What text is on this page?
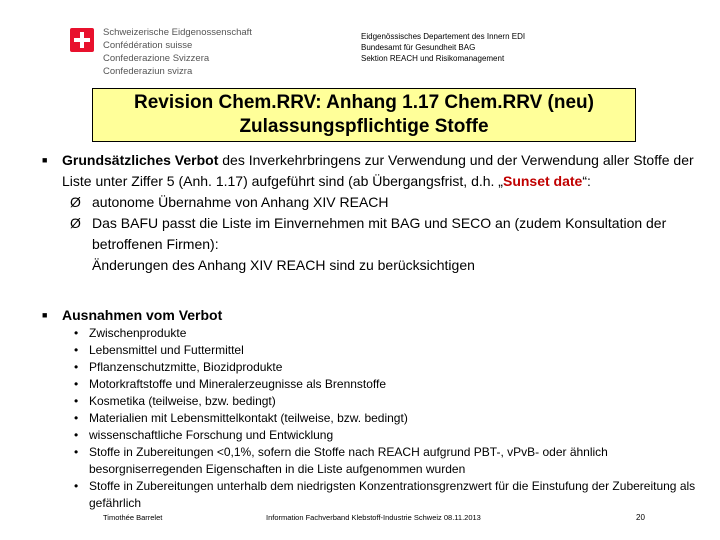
Schweizerische Eidgenossenschaft
Confédération suisse
Confederazione Svizzera
Confederaziun svizra
Eidgenössisches Departement des Innern EDI
Bundesamt für Gesundheit BAG
Sektion REACH und Risikomanagement
Revision Chem.RRV: Anhang 1.17 Chem.RRV (neu)
Zulassungspflichtige Stoffe
■ Grundsätzliches Verbot des Inverkehrbringens zur Verwendung und der Verwendung aller Stoffe der Liste unter Ziffer 5 (Anh. 1.17) aufgeführt sind (ab Übergangsfrist, d.h. „Sunset date“:
Ø autonome Übernahme von Anhang XIV REACH
Ø Das BAFU passt die Liste im Einvernehmen mit BAG und SECO an (zudem Konsultation der betroffenen Firmen):
Änderungen des Anhang XIV REACH sind zu berücksichtigen
■ Ausnahmen vom Verbot
• Zwischenprodukte
• Lebensmittel und Futtermittel
• Pflanzenschutzmitte, Biozidprodukte
• Motorkraftstoffe und Mineralerzeugnisse als Brennstoffe
• Kosmetika (teilweise, bzw. bedingt)
• Materialien mit Lebensmittelkontakt (teilweise, bzw. bedingt)
• wissenschaftliche Forschung und Entwicklung
• Stoffe in Zubereitungen <0,1%, sofern die Stoffe nach REACH aufgrund PBT-, vPvB- oder ähnlich besorgniserregenden Eigenschaften in die Liste aufgenommen wurden
• Stoffe in Zubereitungen unterhalb dem niedrigsten Konzentrationsgrenzwert für die Einstufung der Zubereitung als gefährlich
Timothée Barrelet	Information Fachverband Klebstoff-Industrie Schweiz 08.11.2013	20
